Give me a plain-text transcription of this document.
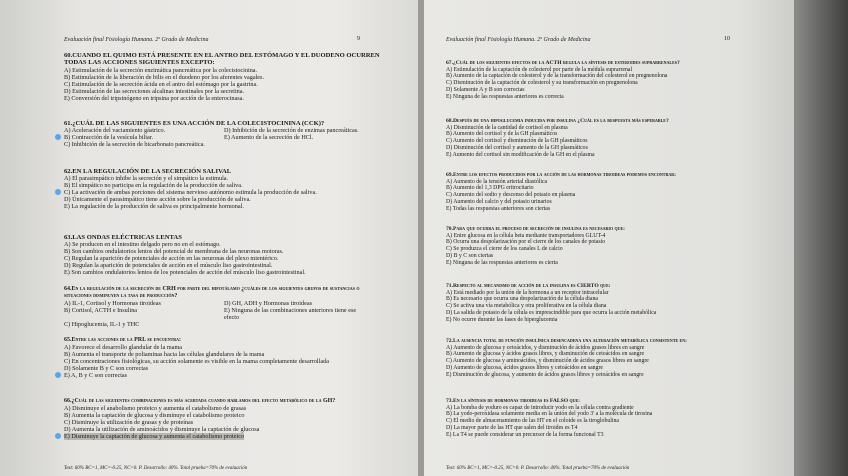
Evaluación final Fisiología Humana. 2º Grado de Medicina	9
60.CUANDO EL QUIMO ESTÁ PRESENTE EN EL ANTRO DEL ESTÓMAGO Y EL DUODENO OCURREN TODAS LAS ACCIONES SIGUIENTES EXCEPTO:
A) Estimulación de la secreción enzimática pancreática por la colecistocinina.
B) Estimulación de la liberación de bilis en el duodeno por los aferentes vagales.
C) Estimulación de la secreción ácida en el antro del estómago por la gastrina.
D) Estimulación de las secreciones alcalinas intestinales por la secretina.
E) Conversión del tripsinógeno en tripsina por acción de la enterocinasa.
61.¿CUÁL DE LAS SIGUIENTES ES UNA ACCIÓN DE LA COLECISTOCININA (CCK)?
A) Aceleración del vaciamiento gástrico.	D) Inhibición de la secreción de enzimas pancreáticas.
B) Contracción de la vesícula biliar.	E) Aumento de la secreción de HCl.
C) Inhibición de la secreción de bicarbonato pancreática.
62.EN LA REGULACIÓN DE LA SECRECIÓN SALIVAL
A) El parasimpático inhibe la secreción y el simpático la estimula.
B) El simpático no participa en la regulación de la producción de saliva.
C) La activación de ambas porciones del sistema nervioso autónomo estimula la producción de saliva.
D) Únicamente el parasimpático tiene acción sobre la producción de saliva.
E) La regulación de la producción de saliva es principalmente hormonal.
63.LAS ONDAS ELÉCTRICAS LENTAS
A) Se producen en el intestino delgado pero no en el estómago.
B) Son cambios ondulatorios lentos del potencial de membrana de las neuronas motoras.
C) Regulan la aparición de potenciales de acción en las neuronas del plexo mientérico.
D) Regulan la aparición de potenciales de acción en el músculo liso gastrointestinal.
E) Son cambios ondulatorios lentos de los potenciales de acción del músculo liso gastrointestinal.
64.En la regulación de la secreción de CRH por parte del hipotálamo ¿cuáles de los siguientes grupos de sustancias o situaciones disminuyen la tasa de producción?
A) IL-1, Cortisol y Hormonas tiroideas	D) GH, ADH y Hormonas tiroideas
B) Cortisol, ACTH e Insulina	E) Ninguna de las combinaciones anteriores tiene ese efecto
C) Hipoglucemia, IL-1 y THC
65.Entre las acciones de la PRL se encuentra:
A) Favorece el desarrollo glandular de la mama
B) Aumenta el transporte de poliaminas hacia las células glandulares de la mama
C) En concentraciones fisiológicas, su acción solamente es visible en la mama completamente desarrollada
D) Solamente B y C son correctas
E) A, B y C son correctas
66.¿Cuál de las siguientes combinaciones es más acertada cuando hablamos del efecto metabólico de la GH?
A) Disminuye el anabolismo proteico y aumenta el catabolismo de grasas
B) Aumenta la captación de glucosa y disminuye el catabolismo proteico
C) Disminuye la utilización de grasas y de proteínas
D) Aumenta la utilización de aminoácidos y disminuye la captación de glucosa
E) Disminuye la captación de glucosa y aumenta el catabolismo proteico
Test: 60% BC=1, MC=-0.25, NC=0. P. Desarrollo: 40%. Total prueba=70% de evaluación
Evaluación final Fisiología Humana. 2º Grado de Medicina	10
67.¿Cuál de los siguientes efectos de la ACTH regula la síntesis de esteroides suprarrenales?
A) Estimulación de la captación de colesterol por parte de la médula suprarrenal
B) Aumento de la captación de colesterol y de la transformación del colesterol en pregnenolona
C) Disminución de la captación de colesterol y su transformación en pregnenolona
D) Solamente A y B son correctas
E) Ninguna de las respuestas anteriores es correcta
68.Después de una hipoglucemia inducida por insulina ¿Cuál es la respuesta más esperable?
A) Disminución de la cantidad de cortisol en plasma
B) Aumento del cortisol y de la GH plasmáticos
C) Aumento del cortisol y disminución de la GH plasmáticos
D) Disminución del cortisol y aumento de la GH plasmáticos
E) Aumento del cortisol sin modificación de la GH en el plasma
69.Entre los efectos producidos por la acción de las hormonas tiroideas podemos encontrar:
A) Aumento de la tensión arterial diastólica
B) Aumento del 1,3 DPG eritrocitario
C) Aumento del sodio y descenso del potasio en plasma
D) Aumento del calcio y del potasio urinarios
E) Todas las respuestas anteriores son ciertas
70.Para que ocurra el proceso de secreción de insulina es necesario que:
A) Entre glucosa en la célula beta mediante transportadores GLUT-4
B) Ocurra una despolarización por el cierre de los canales de potasio
C) Se produzca el cierre de los canales L de calcio
D) B y C son ciertas
E) Ninguna de las respuestas anteriores es cierta
71.Respecto al mecanismo de acción de la insulina es CIERTO que:
A) Está mediado por la unión de la hormona a un receptor intracelular
B) Es necesario que ocurra una despolarización de la célula diana
C) Se activa una vía metabólica y otra proliferativa en la célula diana
D) La salida de potasio de la célula es imprescindible para que ocurra la acción metabólica
E) No ocurre durante las fases de hiperglucemia
72.La ausencia total de función insulínica desencadena una alteración metabólica consistente en:
A) Aumento de glucosa y cetoácidos, y disminución de ácidos grasos libres en sangre
B) Aumento de glucosa y ácidos grasos libres, y disminución de cetoácidos en sangre
C) Aumento de glucosa y aminoácidos, y disminución de ácidos grasos libres en sangre
D) Aumento de glucosa, ácidos grasos libres y cetoácidos en sangre
E) Disminución de glucosa, y aumento de ácidos grasos libres y cetoácidos en sangre
73.En la síntesis de hormonas tiroideas es FALSO que:
A) La bomba de yoduro es capaz de introducir yodo en la célula contra gradiente
B) La yodo-peroxidasa solamente media en la unión del yodo 3' a la molécula de tirosina
C) El medio de almacenamiento de las HT en el coloide es la tiroglobulina
D) La mayor parte de las HT que salen del tiroides es T4
E) La T4 se puede considerar un precursor de la forma funcional T3
Test: 60% BC=1, MC=-0.25, NC=0. P. Desarrollo: 40%. Total prueba=70% de evaluación
